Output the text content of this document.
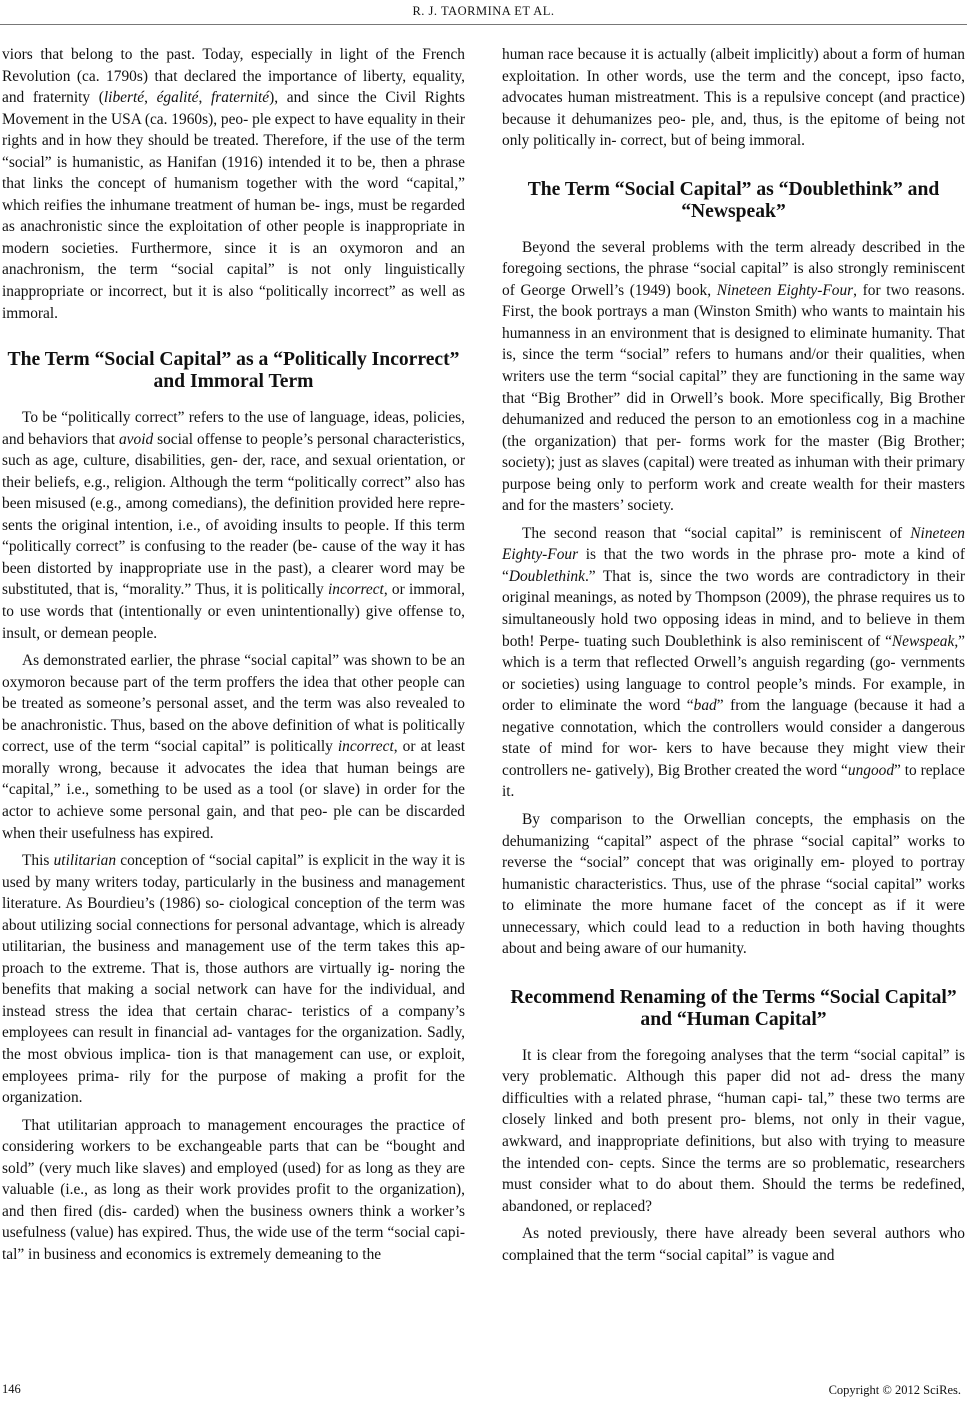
R. J. TAORMINA ET AL.

viors that belong to the past. Today, especially in light of the French Revolution (ca. 1790s) that declared the importance of liberty, equality, and fraternity (liberté, égalité, fraternité), and since the Civil Rights Movement in the USA (ca. 1960s), peo- ple expect to have equality in their rights and in how they should be treated. Therefore, if the use of the term “social” is humanistic, as Hanifan (1916) intended it to be, then a phrase that links the concept of humanism together with the word “capital,” which reifies the inhumane treatment of human be- ings, must be regarded as anachronistic since the exploitation of other people is inappropriate in modern societies. Furthermore, since it is an oxymoron and an anachronism, the term “social capital” is not only linguistically inappropriate or incorrect, but it is also “politically incorrect” as well as immoral.

The Term “Social Capital” as a “Politically Incorrect” and Immoral Term

To be “politically correct” refers to the use of language, ideas, policies, and behaviors that avoid social offense to people’s personal characteristics, such as age, culture, disabilities, gen- der, race, and sexual orientation, or their beliefs, e.g., religion. Although the term “politically correct” also has been misused (e.g., among comedians), the definition provided here repre- sents the original intention, i.e., of avoiding insults to people. If this term “politically correct” is confusing to the reader (be- cause of the way it has been distorted by inappropriate use in the past), a clearer word may be substituted, that is, “morality.” Thus, it is politically incorrect, or immoral, to use words that (intentionally or even unintentionally) give offense to, insult, or demean people.

As demonstrated earlier, the phrase “social capital” was shown to be an oxymoron because part of the term proffers the idea that other people can be treated as someone’s personal asset, and the term was also revealed to be anachronistic. Thus, based on the above definition of what is politically correct, use of the term “social capital” is politically incorrect, or at least morally wrong, because it advocates the idea that human beings are “capital,” i.e., something to be used as a tool (or slave) in order for the actor to achieve some personal gain, and that peo- ple can be discarded when their usefulness has expired.

This utilitarian conception of “social capital” is explicit in the way it is used by many writers today, particularly in the business and management literature. As Bourdieu’s (1986) so- ciological conception of the term was about utilizing social connections for personal advantage, which is already utilitarian, the business and management use of the term takes this ap- proach to the extreme. That is, those authors are virtually ig- noring the benefits that making a social network can have for the individual, and instead stress the idea that certain charac- teristics of a company’s employees can result in financial ad- vantages for the organization. Sadly, the most obvious implica- tion is that management can use, or exploit, employees prima- rily for the purpose of making a profit for the organization.

That utilitarian approach to management encourages the practice of considering workers to be exchangeable parts that can be “bought and sold” (very much like slaves) and employed (used) for as long as they are valuable (i.e., as long as their work provides profit to the organization), and then fired (dis- carded) when the business owners think a worker’s usefulness (value) has expired. Thus, the wide use of the term “social capi- tal” in business and economics is extremely demeaning to the

human race because it is actually (albeit implicitly) about a form of human exploitation. In other words, use the term and the concept, ipso facto, advocates human mistreatment. This is a repulsive concept (and practice) because it dehumanizes peo- ple, and, thus, is the epitome of being not only politically in- correct, but of being immoral.

The Term “Social Capital” as “Doublethink” and “Newspeak”

Beyond the several problems with the term already described in the foregoing sections, the phrase “social capital” is also strongly reminiscent of George Orwell’s (1949) book, Nineteen Eighty-Four, for two reasons. First, the book portrays a man (Winston Smith) who wants to maintain his humanness in an environment that is designed to eliminate humanity. That is, since the term “social” refers to humans and/or their qualities, when writers use the term “social capital” they are functioning in the same way that “Big Brother” did in Orwell’s book. More specifically, Big Brother dehumanized and reduced the person to an emotionless cog in a machine (the organization) that per- forms work for the master (Big Brother; society); just as slaves (capital) were treated as inhuman with their primary purpose being only to perform work and create wealth for their masters and for the masters’ society.

The second reason that “social capital” is reminiscent of Nineteen Eighty-Four is that the two words in the phrase pro- mote a kind of “Doublethink.” That is, since the two words are contradictory in their original meanings, as noted by Thompson (2009), the phrase requires us to simultaneously hold two opposing ideas in mind, and to believe in them both! Perpe- tuating such Doublethink is also reminiscent of “Newspeak,” which is a term that reflected Orwell’s anguish regarding (go- vernments or societies) using language to control people’s minds. For example, in order to eliminate the word “bad” from the language (because it had a negative connotation, which the controllers would consider a dangerous state of mind for wor- kers to have because they might view their controllers ne- gatively), Big Brother created the word “ungood” to replace it.

By comparison to the Orwellian concepts, the emphasis on the dehumanizing “capital” aspect of the phrase “social capital” works to reverse the “social” concept that was originally em- ployed to portray humanistic characteristics. Thus, use of the phrase “social capital” works to eliminate the more humane facet of the concept as if it were unnecessary, which could lead to a reduction in both having thoughts about and being aware of our humanity.

Recommend Renaming of the Terms “Social Capital” and “Human Capital”

It is clear from the foregoing analyses that the term “social capital” is very problematic. Although this paper did not ad- dress the many difficulties with a related phrase, “human capi- tal,” these two terms are closely linked and both present pro- blems, not only in their vague, awkward, and inappropriate definitions, but also with trying to measure the intended con- cepts. Since the terms are so problematic, researchers must consider what to do about them. Should the terms be redefined, abandoned, or replaced?

As noted previously, there have already been several authors who complained that the term “social capital” is vague and

146	Copyright © 2012 SciRes.
